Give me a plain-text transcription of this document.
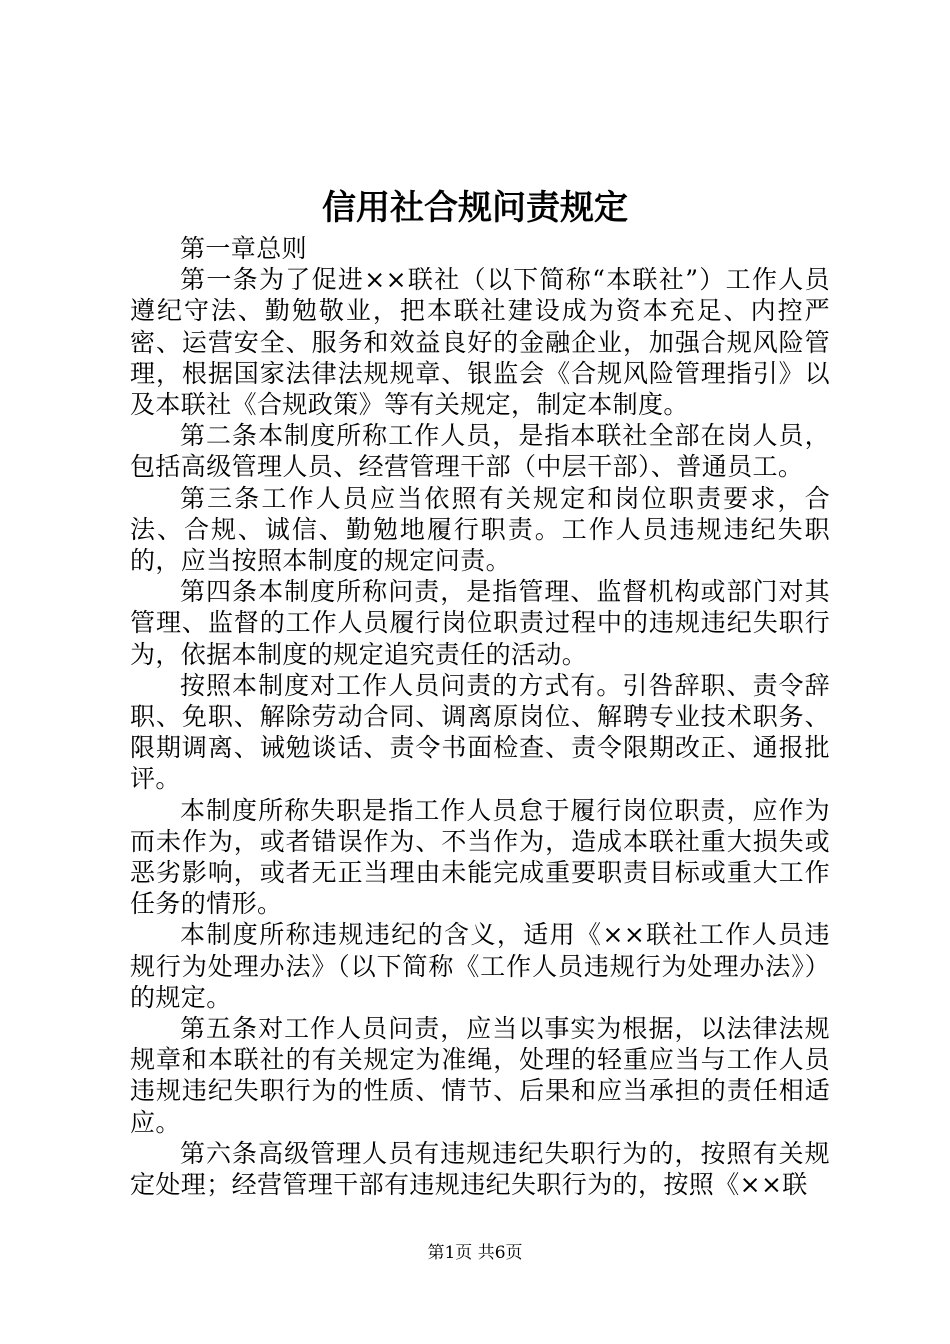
信用社合规问责规定

第一章总则

第一条为了促进××联社（以下简称“本联社”）工作人员遵纪守法、勤勉敬业，把本联社建设成为资本充足、内控严密、运营安全、服务和效益良好的金融企业，加强合规风险管理，根据国家法律法规规章、银监会《合规风险管理指引》以及本联社《合规政策》等有关规定，制定本制度。

第二条本制度所称工作人员，是指本联社全部在岗人员，包括高级管理人员、经营管理干部（中层干部）、普通员工。

第三条工作人员应当依照有关规定和岗位职责要求，合法、合规、诚信、勤勉地履行职责。工作人员违规违纪失职的，应当按照本制度的规定问责。

第四条本制度所称问责，是指管理、监督机构或部门对其管理、监督的工作人员履行岗位职责过程中的违规违纪失职行为，依据本制度的规定追究责任的活动。

按照本制度对工作人员问责的方式有。引咎辞职、责令辞职、免职、解除劳动合同、调离原岗位、解聘专业技术职务、限期调离、诫勉谈话、责令书面检查、责令限期改正、通报批评。

本制度所称失职是指工作人员怠于履行岗位职责，应作为而未作为，或者错误作为、不当作为，造成本联社重大损失或恶劣影响，或者无正当理由未能完成重要职责目标或重大工作任务的情形。

本制度所称违规违纪的含义，适用《××联社工作人员违规行为处理办法》（以下简称《工作人员违规行为处理办法》）的规定。

第五条对工作人员问责，应当以事实为根据，以法律法规规章和本联社的有关规定为准绳，处理的轻重应当与工作人员违规违纪失职行为的性质、情节、后果和应当承担的责任相适应。

第六条高级管理人员有违规违纪失职行为的，按照有关规定处理；经营管理干部有违规违纪失职行为的，按照《××联

第1页 共6页
